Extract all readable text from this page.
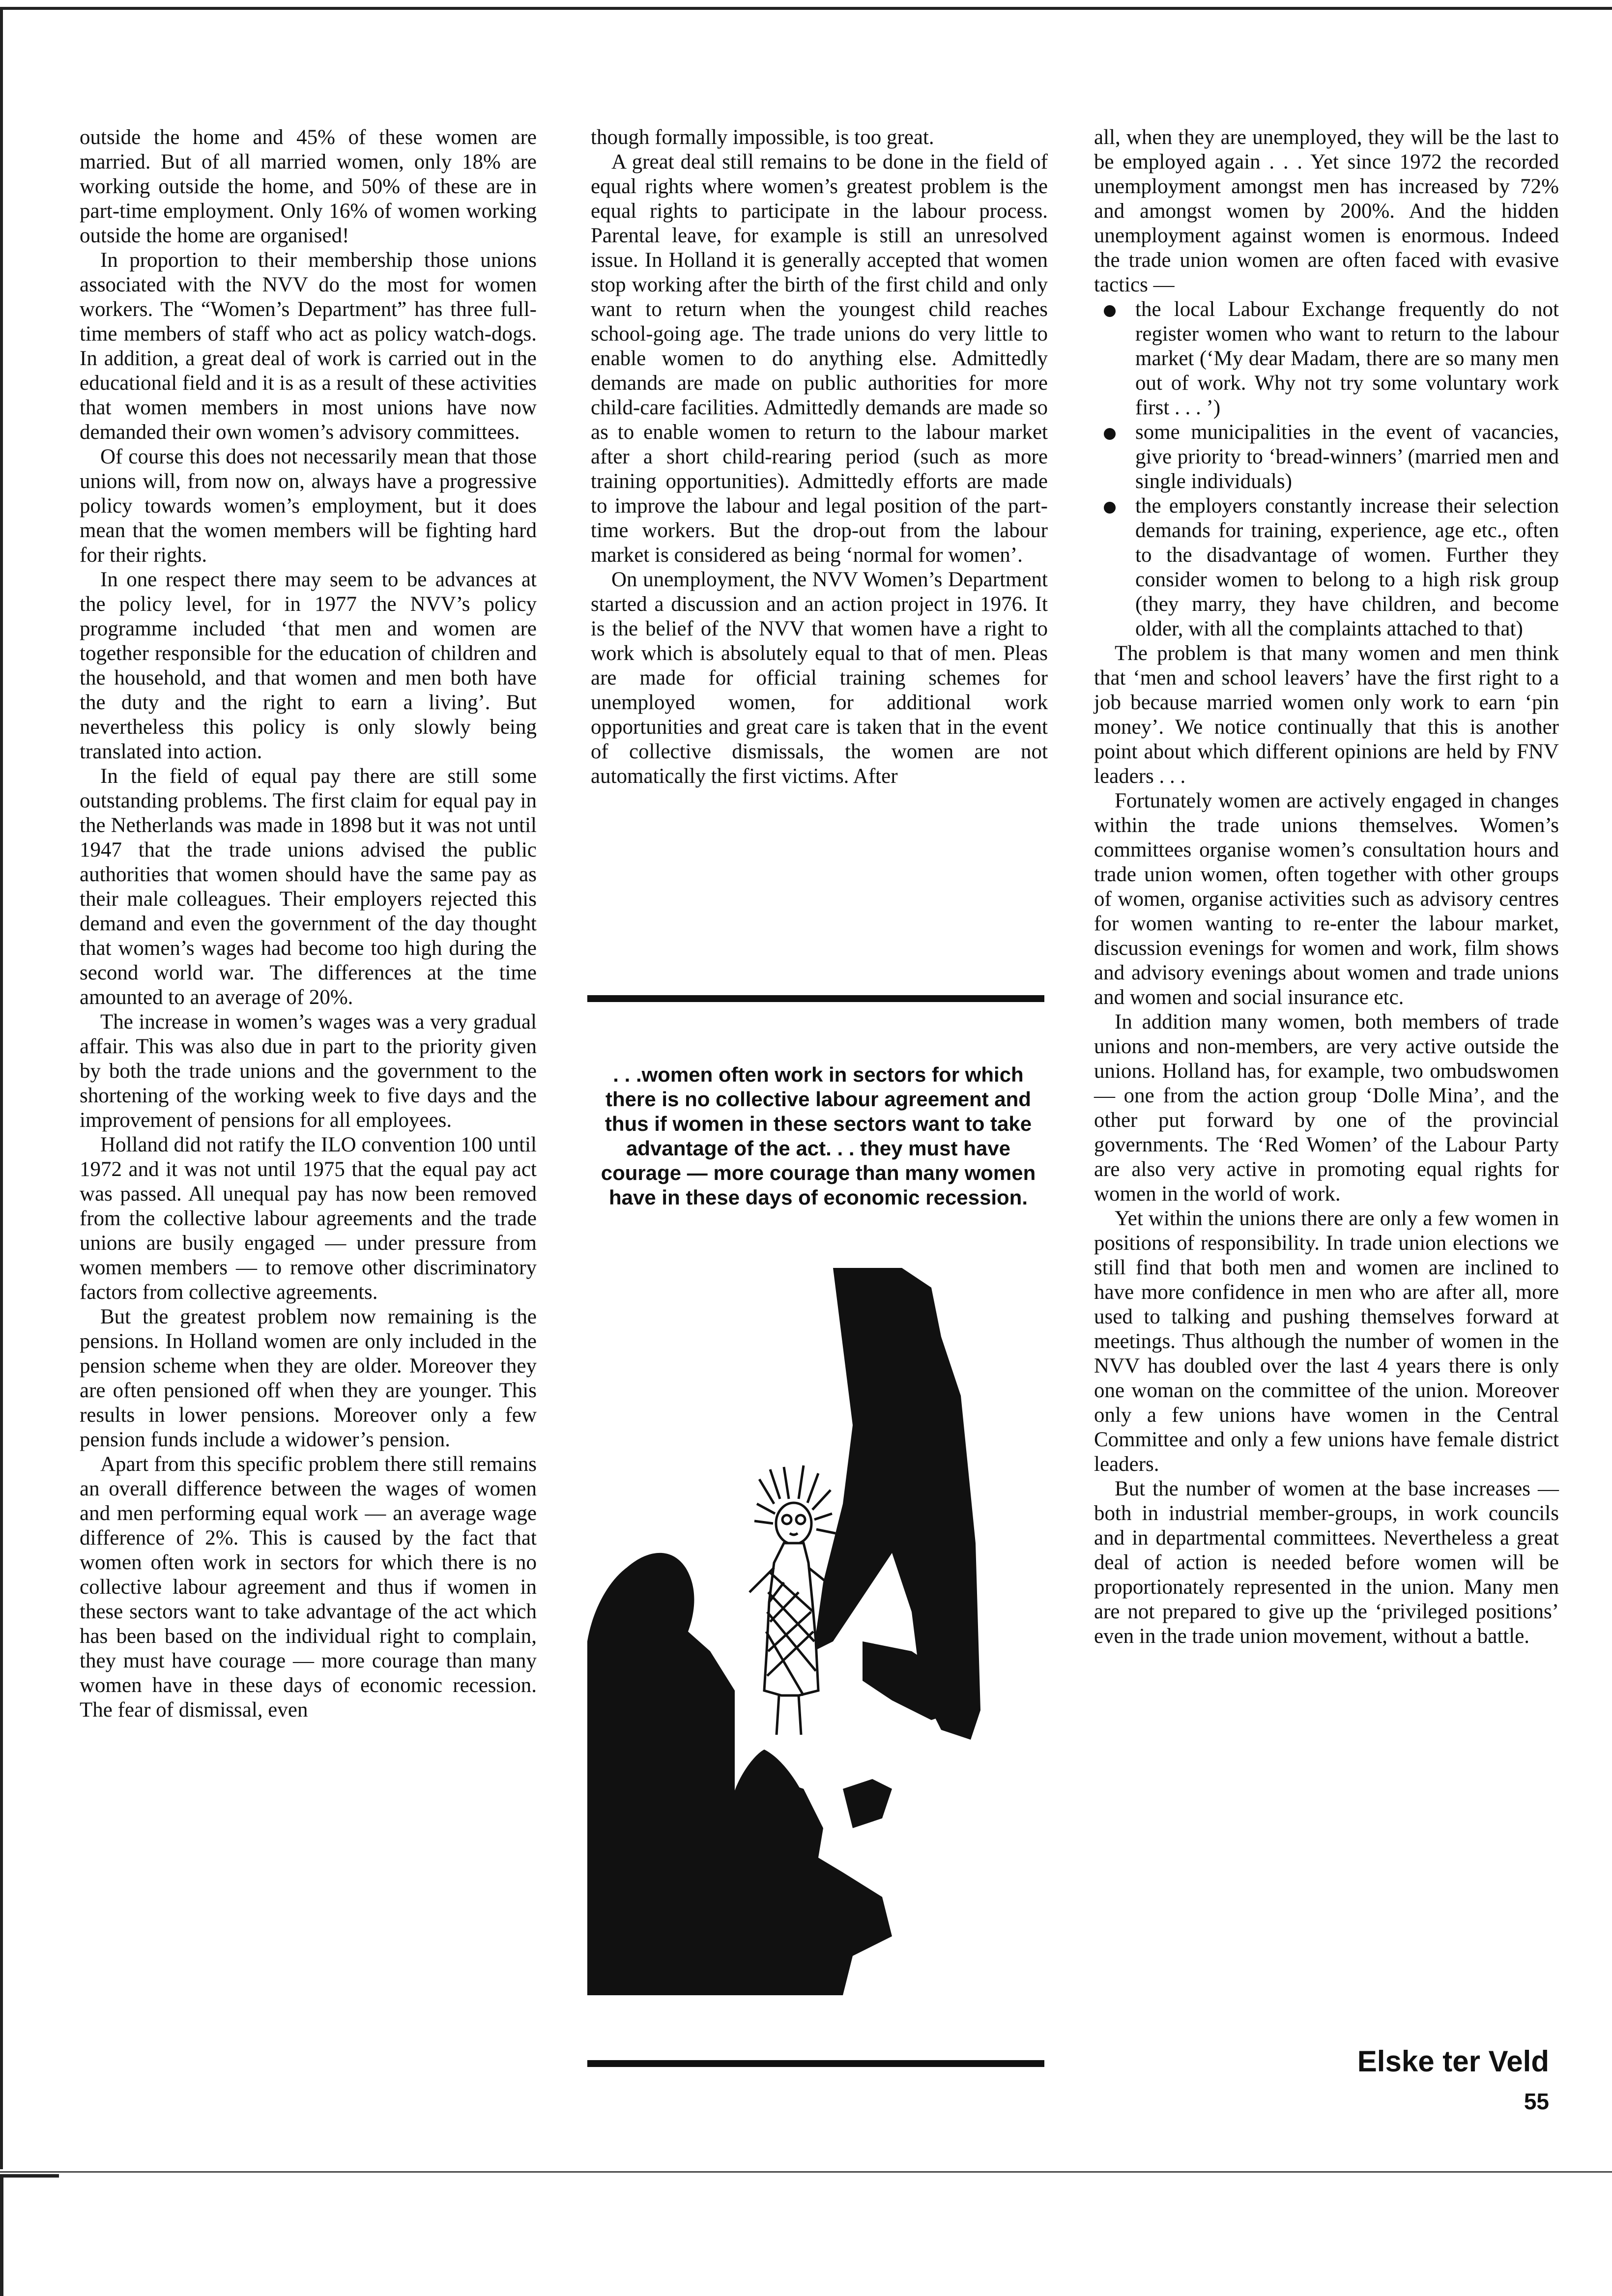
outside the home and 45% of these women are married. But of all married women, only 18% are working outside the home, and 50% of these are in part-time employment. Only 16% of women working outside the home are organised!

In proportion to their membership those unions associated with the NVV do the most for women workers. The “Women’s Department” has three full-time members of staff who act as policy watch-dogs. In addition, a great deal of work is carried out in the educational field and it is as a result of these activities that women members in most unions have now demanded their own women’s advisory committees.

Of course this does not necessarily mean that those unions will, from now on, always have a progressive policy towards women’s employment, but it does mean that the women members will be fighting hard for their rights.

In one respect there may seem to be advances at the policy level, for in 1977 the NVV’s policy programme included ‘that men and women are together responsible for the education of children and the household, and that women and men both have the duty and the right to earn a living’. But nevertheless this policy is only slowly being translated into action.

In the field of equal pay there are still some outstanding problems. The first claim for equal pay in the Netherlands was made in 1898 but it was not until 1947 that the trade unions advised the public authorities that women should have the same pay as their male colleagues. Their employers rejected this demand and even the government of the day thought that women’s wages had become too high during the second world war. The differences at the time amounted to an average of 20%.

The increase in women’s wages was a very gradual affair. This was also due in part to the priority given by both the trade unions and the government to the shortening of the working week to five days and the improvement of pensions for all employees.

Holland did not ratify the ILO convention 100 until 1972 and it was not until 1975 that the equal pay act was passed. All unequal pay has now been removed from the collective labour agreements and the trade unions are busily engaged — under pressure from women members — to remove other discriminatory factors from collective agreements.

But the greatest problem now remaining is the pensions. In Holland women are only included in the pension scheme when they are older. Moreover they are often pensioned off when they are younger. This results in lower pensions. Moreover only a few pension funds include a widower’s pension.

Apart from this specific problem there still remains an overall difference between the wages of women and men performing equal work — an average wage difference of 2%. This is caused by the fact that women often work in sectors for which there is no collective labour agreement and thus if women in these sectors want to take advantage of the act which has been based on the individual right to complain, they must have courage — more courage than many women have in these days of economic recession. The fear of dismissal, even

though formally impossible, is too great.

A great deal still remains to be done in the field of equal rights where women’s greatest problem is the equal rights to participate in the labour process. Parental leave, for example is still an unresolved issue. In Holland it is generally accepted that women stop working after the birth of the first child and only want to return when the youngest child reaches school-going age. The trade unions do very little to enable women to do anything else. Admittedly demands are made on public authorities for more child-care facilities. Admittedly demands are made so as to enable women to return to the labour market after a short child-rearing period (such as more training opportunities). Admittedly efforts are made to improve the labour and legal position of the part-time workers. But the drop-out from the labour market is considered as being ‘normal for women’.

On unemployment, the NVV Women’s Department started a discussion and an action project in 1976. It is the belief of the NVV that women have a right to work which is absolutely equal to that of men. Pleas are made for official training schemes for unemployed women, for additional work opportunities and great care is taken that in the event of collective dismissals, the women are not automatically the first victims. After

. . .women often work in sectors for which there is no collective labour agreement and thus if women in these sectors want to take advantage of the act. . . they must have courage — more courage than many women have in these days of economic recession.

all, when they are unemployed, they will be the last to be employed again . . . Yet since 1972 the recorded unemployment amongst men has increased by 72% and amongst women by 200%. And the hidden unemployment against women is enormous. Indeed the trade union women are often faced with evasive tactics —

the local Labour Exchange frequently do not register women who want to return to the labour market (‘My dear Madam, there are so many men out of work. Why not try some voluntary work first . . . ’)
some municipalities in the event of vacancies, give priority to ‘bread-winners’ (married men and single individuals)
the employers constantly increase their selection demands for training, experience, age etc., often to the disadvantage of women. Further they consider women to belong to a high risk group (they marry, they have children, and become older, with all the complaints attached to that)

The problem is that many women and men think that ‘men and school leavers’ have the first right to a job because married women only work to earn ‘pin money’. We notice continually that this is another point about which different opinions are held by FNV leaders . . .

Fortunately women are actively engaged in changes within the trade unions themselves. Women’s committees organise women’s consultation hours and trade union women, often together with other groups of women, organise activities such as advisory centres for women wanting to re-enter the labour market, discussion evenings for women and work, film shows and advisory evenings about women and trade unions and women and social insurance etc.

In addition many women, both members of trade unions and non-members, are very active outside the unions. Holland has, for example, two ombudswomen — one from the action group ‘Dolle Mina’, and the other put forward by one of the provincial governments. The ‘Red Women’ of the Labour Party are also very active in promoting equal rights for women in the world of work.

Yet within the unions there are only a few women in positions of responsibility. In trade union elections we still find that both men and women are inclined to have more confidence in men who are after all, more used to talking and pushing themselves forward at meetings. Thus although the number of women in the NVV has doubled over the last 4 years there is only one woman on the committee of the union. Moreover only a few unions have women in the Central Committee and only a few unions have female district leaders.

But the number of women at the base increases — both in industrial member-groups, in work councils and in departmental committees. Nevertheless a great deal of action is needed before women will be proportionately represented in the union. Many men are not prepared to give up the ‘privileged positions’ even in the trade union movement, without a battle.

Elske ter Veld
55
